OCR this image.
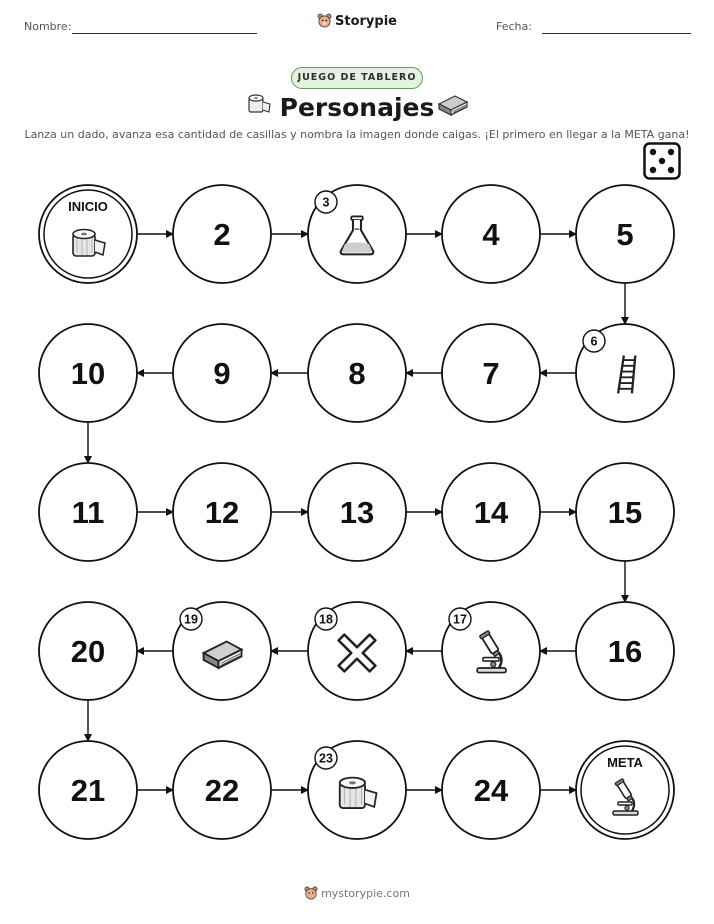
Nombre:	Fecha:
Storypie
JUEGO DE TABLERO
Personajes
Lanza un dado, avanza esa cantidad de casillas y nombra la imagen donde caigas. ¡El primero en llegar a la META gana!
INICIO
2
3
4	5
6
7
8
9
10
11	12	13	14	15
16
17
18
19
20
21	22
23
24
META
mystorypie.com
